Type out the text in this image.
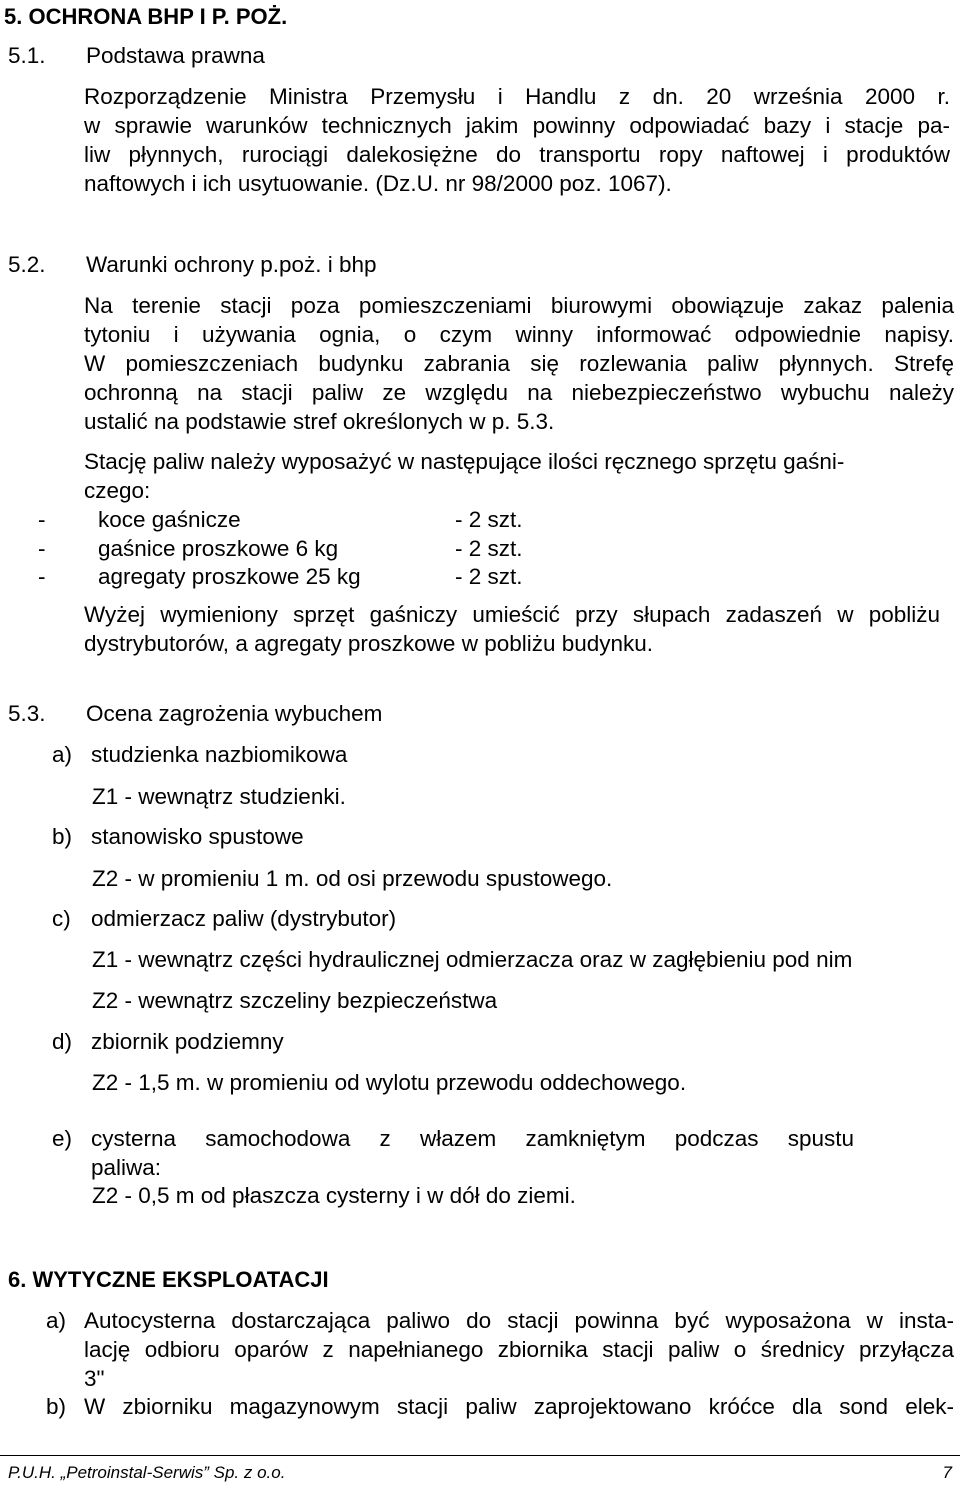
5. OCHRONA BHP I P. POŻ.
5.1. Podstawa prawna
Rozporządzenie Ministra Przemysłu i Handlu z dn. 20 września 2000 r.
w sprawie warunków technicznych jakim powinny odpowiadać bazy i stacje pa-
liw płynnych, rurociągi dalekosiężne do transportu ropy naftowej i produktów
naftowych i ich usytuowanie. (Dz.U. nr 98/2000 poz. 1067).
5.2. Warunki ochrony p.poż. i bhp
Na terenie stacji poza pomieszczeniami biurowymi obowiązuje zakaz palenia
tytoniu i używania ognia, o czym winny informować odpowiednie napisy.
W pomieszczeniach budynku zabrania się rozlewania paliw płynnych. Strefę
ochronną na stacji paliw ze względu na niebezpieczeństwo wybuchu należy
ustalić na podstawie stref określonych w p. 5.3.
Stację paliw należy wyposażyć w następujące ilości ręcznego sprzętu gaśni-
czego:
- koce gaśnicze	- 2 szt.
- gaśnice proszkowe 6 kg	- 2 szt.
- agregaty proszkowe 25 kg	- 2 szt.
Wyżej wymieniony sprzęt gaśniczy umieścić przy słupach zadaszeń w pobliżu
dystrybutorów, a agregaty proszkowe w pobliżu budynku.
5.3. Ocena zagrożenia wybuchem
a) studzienka nazbiomikowa
Z1 - wewnątrz studzienki.
b) stanowisko spustowe
Z2 - w promieniu 1 m. od osi przewodu spustowego.
c) odmierzacz paliw (dystrybutor)
Z1 - wewnątrz części hydraulicznej odmierzacza oraz w zagłębieniu pod nim
Z2 - wewnątrz szczeliny bezpieczeństwa
d) zbiornik podziemny
Z2 - 1,5 m. w promieniu od wylotu przewodu oddechowego.
e) cysterna samochodowa z włazem zamkniętym podczas spustu
paliwa:
Z2 - 0,5 m od płaszcza cysterny i w dół do ziemi.
6. WYTYCZNE EKSPLOATACJI
a) Autocysterna dostarczająca paliwo do stacji powinna być wyposażona w insta-
lację odbioru oparów z napełnianego zbiornika stacji paliw o średnicy przyłącza
3"
b) W zbiorniku magazynowym stacji paliw zaprojektowano króćce dla sond elek-
P.U.H. „Petroinstal-Serwis” Sp. z o.o.	7
